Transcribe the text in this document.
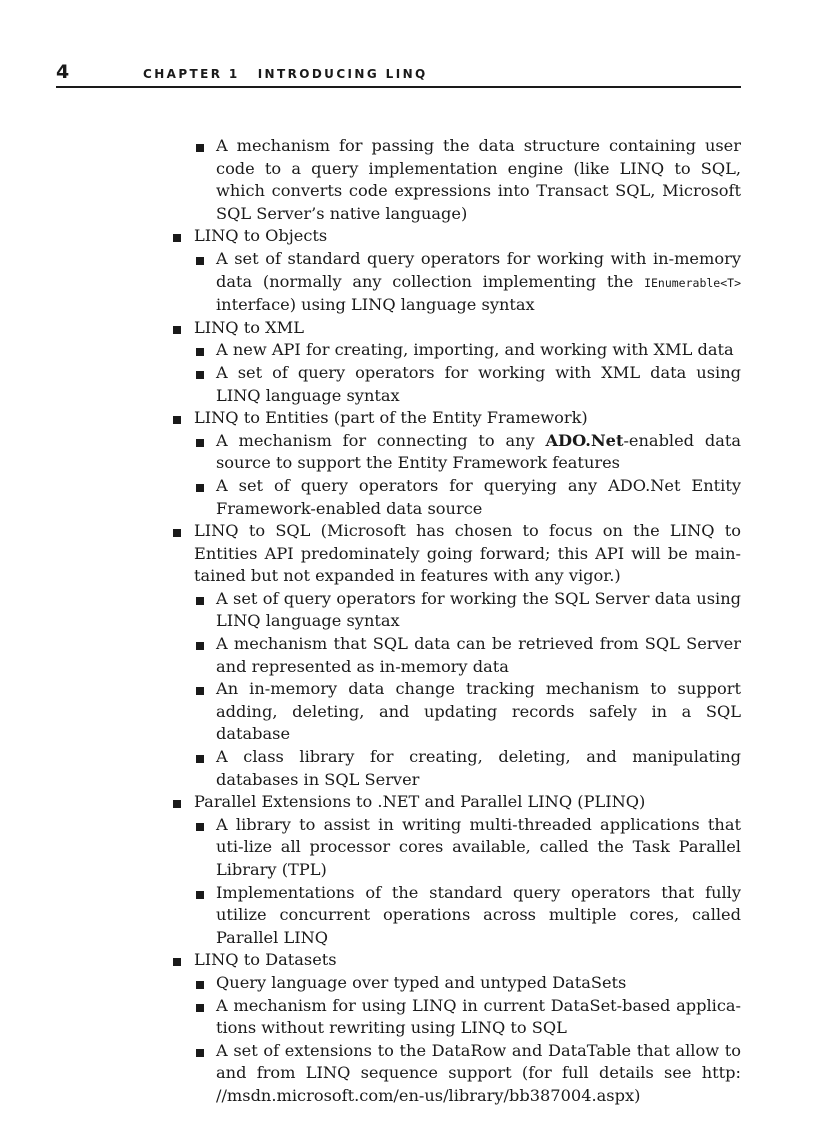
4	CHAPTER 1 INTRODUCING LINQ
A mechanism for passing the data structure containing user code to a query implementation engine (like LINQ to SQL, which converts code expressions into Transact SQL, Microsoft SQL Server’s native language)
LINQ to Objects
A set of standard query operators for working with in-memory data (normally any collection implementing the IEnumerable<T> interface) using LINQ language syntax
LINQ to XML
A new API for creating, importing, and working with XML data
A set of query operators for working with XML data using LINQ language syntax
LINQ to Entities (part of the Entity Framework)
A mechanism for connecting to any ADO.Net-enabled data source to support the Entity Framework features
A set of query operators for querying any ADO.Net Entity Framework-enabled data source
LINQ to SQL (Microsoft has chosen to focus on the LINQ to Entities API predominately going forward; this API will be main-tained but not expanded in features with any vigor.)
A set of query operators for working the SQL Server data using LINQ language syntax
A mechanism that SQL data can be retrieved from SQL Server and represented as in-memory data
An in-memory data change tracking mechanism to support adding, deleting, and updating records safely in a SQL database
A class library for creating, deleting, and manipulating databases in SQL Server
Parallel Extensions to .NET and Parallel LINQ (PLINQ)
A library to assist in writing multi-threaded applications that uti-lize all processor cores available, called the Task Parallel Library (TPL)
Implementations of the standard query operators that fully utilize concurrent operations across multiple cores, called Parallel LINQ
LINQ to Datasets
Query language over typed and untyped DataSets
A mechanism for using LINQ in current DataSet-based applica-tions without rewriting using LINQ to SQL
A set of extensions to the DataRow and DataTable that allow to and from LINQ sequence support (for full details see http: //msdn.microsoft.com/en-us/library/bb387004.aspx)
